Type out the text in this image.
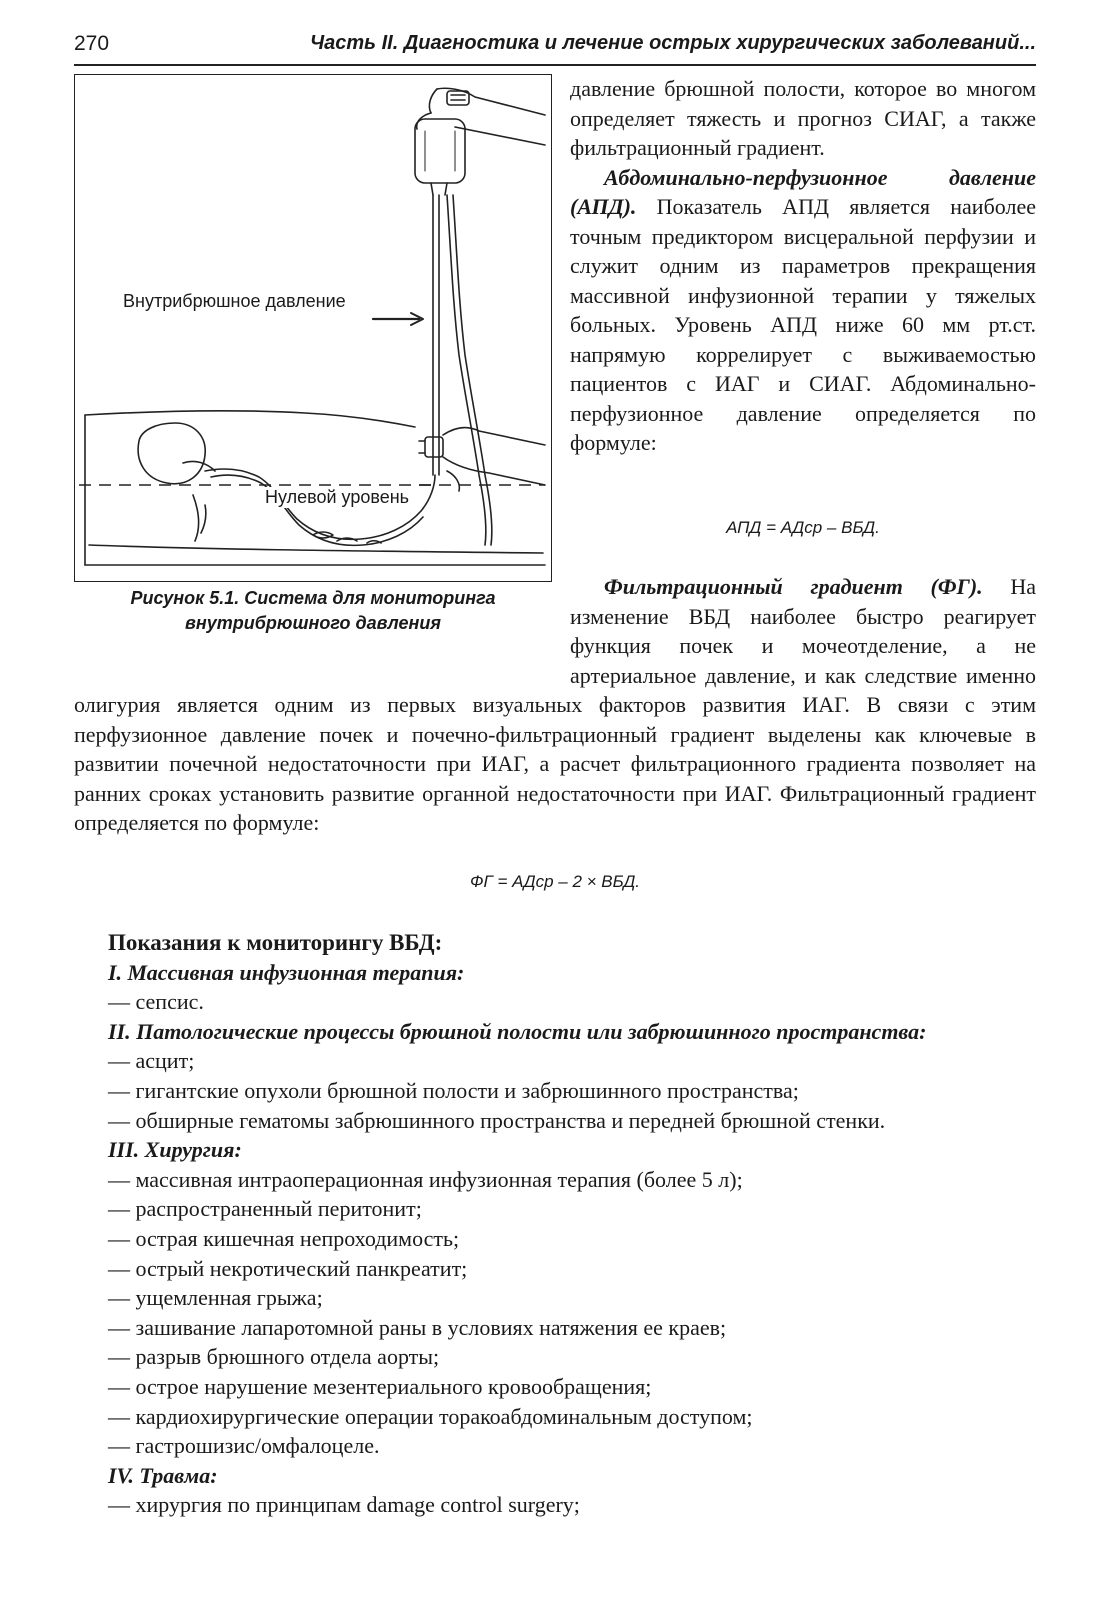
270	Часть II. Диагностика и лечение острых хирургических заболеваний...
Внутрибрюшное давление
Нулевой уровень
Рисунок 5.1. Система для мониторинга
внутрибрюшного давления

давление брюшной полости, которое во многом определяет тяжесть и прогноз СИАГ, а также фильтрационный градиент.

Абдоминально-перфузионное давление (АПД). Показатель АПД является наиболее точным предиктором висцеральной перфузии и служит одним из параметров прекращения массивной инфузионной терапии у тяжелых больных. Уровень АПД ниже 60 мм рт.ст. напрямую коррелирует с выживаемостью пациентов с ИАГ и СИАГ. Абдоминально-перфузионное давление определяется по формуле:

АПД = АДср – ВБД.

Фильтрационный градиент (ФГ). На изменение ВБД наиболее быстро реагирует функция почек и мочеотделение, а не артериальное давление, и как следствие именно олигурия является одним из первых визуальных факторов развития ИАГ. В связи с этим перфузионное давление почек и почечно-фильтрационный градиент выделены как ключевые в развитии почечной недостаточности при ИАГ, а расчет фильтрационного градиента позволяет на ранних сроках установить развитие органной недостаточности при ИАГ. Фильтрационный градиент определяется по формуле:

ФГ = АДср – 2 × ВБД.

Показания к мониторингу ВБД:

I. Массивная инфузионная терапия:

— сепсис.

II. Патологические процессы брюшной полости или забрюшинного пространства:

— асцит;

— гигантские опухоли брюшной полости и забрюшинного пространства;

— обширные гематомы забрюшинного пространства и передней брюшной стенки.

III. Хирургия:

— массивная интраоперационная инфузионная терапия (более 5 л);

— распространенный перитонит;

— острая кишечная непроходимость;

— острый некротический панкреатит;

— ущемленная грыжа;

— зашивание лапаротомной раны в условиях натяжения ее краев;

— разрыв брюшного отдела аорты;

— острое нарушение мезентериального кровообращения;

— кардиохирургические операции торакоабдоминальным доступом;

— гастрошизис/омфалоцеле.

IV. Травма:

— хирургия по принципам damage control surgery;
